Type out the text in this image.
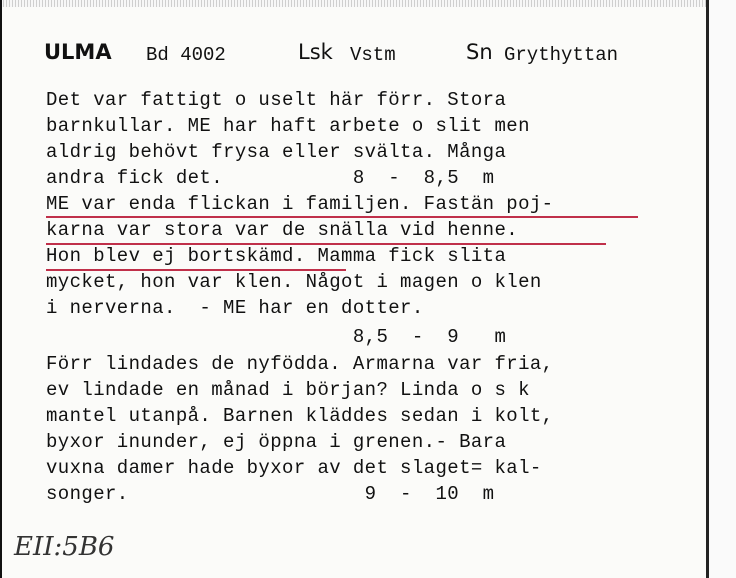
ULMA Bd 4002	Lsk Vstm	Sn Grythyttan
Det var fattigt o uselt här förr. Stora
barnkullar. ME har haft arbete o slit men
aldrig behövt frysa eller svälta. Många
andra fick det.           8  -  8,5  m
ME var enda flickan i familjen. Fastän poj-
karna var stora var de snälla vid henne.
Hon blev ej bortskämd. Mamma fick slita
mycket, hon var klen. Något i magen o klen
i nerverna.  - ME har en dotter.
8,5  -  9   m
Förr lindades de nyfödda. Armarna var fria,
ev lindade en månad i början? Linda o s k
mantel utanpå. Barnen kläddes sedan i kolt,
byxor inunder, ej öppna i grenen.- Bara
vuxna damer hade byxor av det slaget= kal-
songer.                    9  -  10  m
EII:5B6
